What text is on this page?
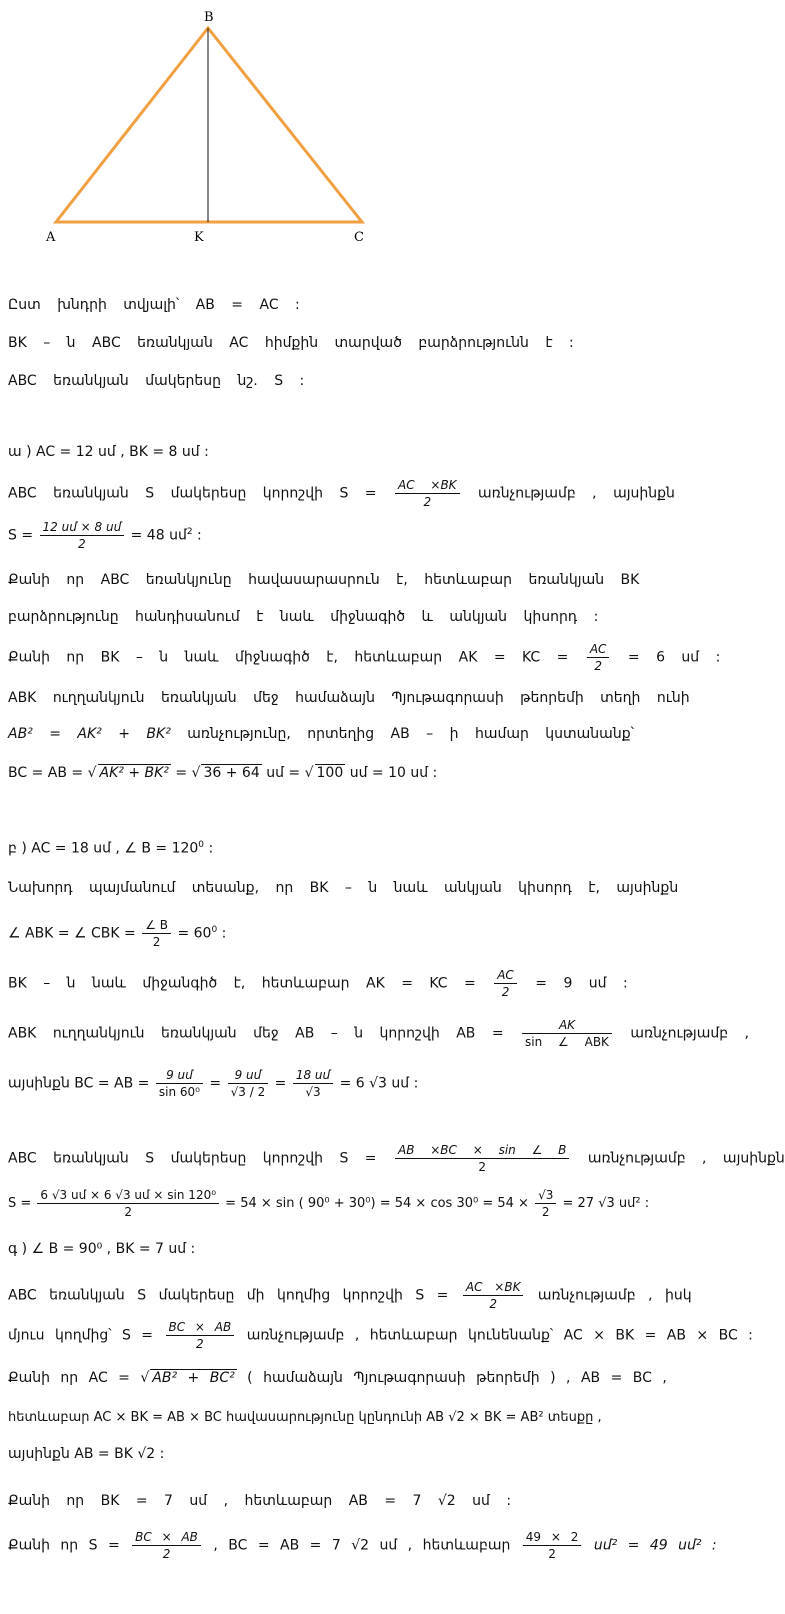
B
A	K	C
Ըստ խնդրի տվյալի՝ AB = AC :
BK – ն ABC եռանկյան AC հիմքին տարված բարձրությունն է :
ABC եռանկյան մակերեսը նշ. S :
ա ) AC = 12 սմ , BK = 8 սմ :
ABC եռանկյան S մակերեսը կորոշվի $S = \frac{AC \times BK}{2}$ առնչությամբ , այսինքն
$S = \frac{\text{12 սմ × 8 սմ}}{2} = 48$ սմ$^2$ :
Քանի որ ABC եռանկյունը հավասարասրուն է, հետևաբար եռանկյան BK
բարձրությունը հանդիսանում է նաև միջնագիծ և անկյան կիսորդ :
Քանի որ BK – ն նաև միջնագիծ է, հետևաբար AK = KC = $\frac{AC}{2} = 6$ սմ :
ABK ուղղանկյուն եռանկյան մեջ համաձայն Պյութագորասի թեորեմի տեղի ունի
AB² = AK² + BK² առնչությունը, որտեղից AB – ի համար կստանանք՝
BC = AB = √ AK² + BK² = √ 36 + 64 սմ = √ 100 սմ = 10 սմ :
բ ) AC = 18 սմ , ∠ $B = 120^0$ :
Նախորդ պայմանում տեսանք, որ BK – ն նաև անկյան կիսորդ է, այսինքն
∠ ABK = ∠ CBK = $\frac{\angle B}{2} = 60^0$ :
BK – ն նաև միջանգիծ է, հետևաբար AK = KC = $\frac{AC}{2} = 9$ սմ :
ABK ուղղանկյուն եռանկյան մեջ AB – ն կորոշվի AB = $\frac{AK}{\text{sin ∠ ABK}}$ առնչությամբ ,
այսինքն BC = AB = $\frac{\text{9 սմ}}{\text{sin 60⁰}} = \frac{\text{9 սմ}}{√3 / 2} = \frac{\text{18 սմ}}{√3} = 6$ √3 սմ :
ABC եռանկյան S մակերեսը կորոշվի $S = \frac{AB \times BC \times \sin \angle B}{2}$ առնչությամբ , այսինքն
$S = \frac{\text{6 √3 սմ × 6 √3 սմ × sin 120⁰}}{2} = 54 \times \sin$ ( $90^0 + 30^0) = 54 \times \cos 30^0 = 54 \times \frac{√3}{2} = 27$ √3 սմ² :
գ ) ∠ B = 90⁰ , BK = 7 սմ :
ABC եռանկյան S մակերեսը մի կողմից կորոշվի $S = \frac{AC \times BK}{2}$ առնչությամբ , իսկ
մյուս կողմից՝ $S = \frac{BC \times AB}{2}$ առնչությամբ , հետևաբար կունենանք՝ AC × BK = AB × BC :
Քանի որ AC = √ AB² + BC² ( համաձայն Պյութագորասի թեորեմի ) , AB = BC ,
հետևաբար AC × BK = AB × BC հավասարությունը կընդունի AB √2 × BK = AB² տեսքը ,
այսինքն AB = BK √2 :
Քանի որ BK = 7 սմ , հետևաբար AB = 7 √2 սմ :
Քանի որ $S = \frac{BC \times AB}{2}$ , BC = AB = 7 √2 սմ , հետևաբար $\frac{49 \times 2}{2}$ սմ² = 49 սմ² :
